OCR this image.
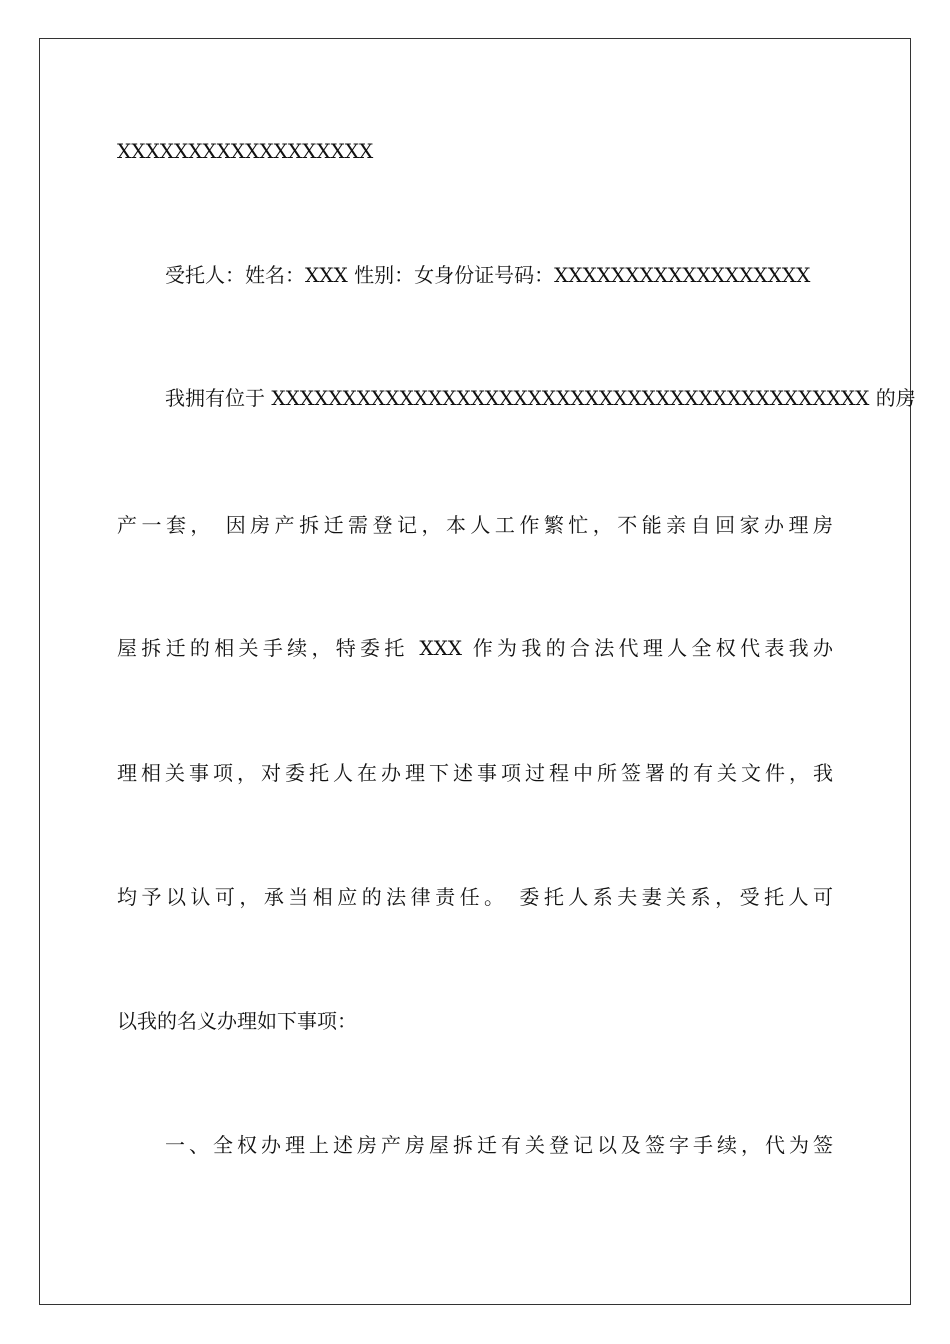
XXXXXXXXXXXXXXXXXX
受托人：姓名：XXX 性别：女身份证号码：XXXXXXXXXXXXXXXXXX
我拥有位于 XXXXXXXXXXXXXXXXXXXXXXXXXXXXXXXXXXXXXXXXXX 的房
产一套， 因房产拆迁需登记，本人工作繁忙，不能亲自回家办理房
屋拆迁的相关手续，特委托 XXX 作为我的合法代理人全权代表我办
理相关事项，对委托人在办理下述事项过程中所签署的有关文件，我
均予以认可，承当相应的法律责任。 委托人系夫妻关系，受托人可
以我的名义办理如下事项：
一、全权办理上述房产房屋拆迁有关登记以及签字手续，代为签
